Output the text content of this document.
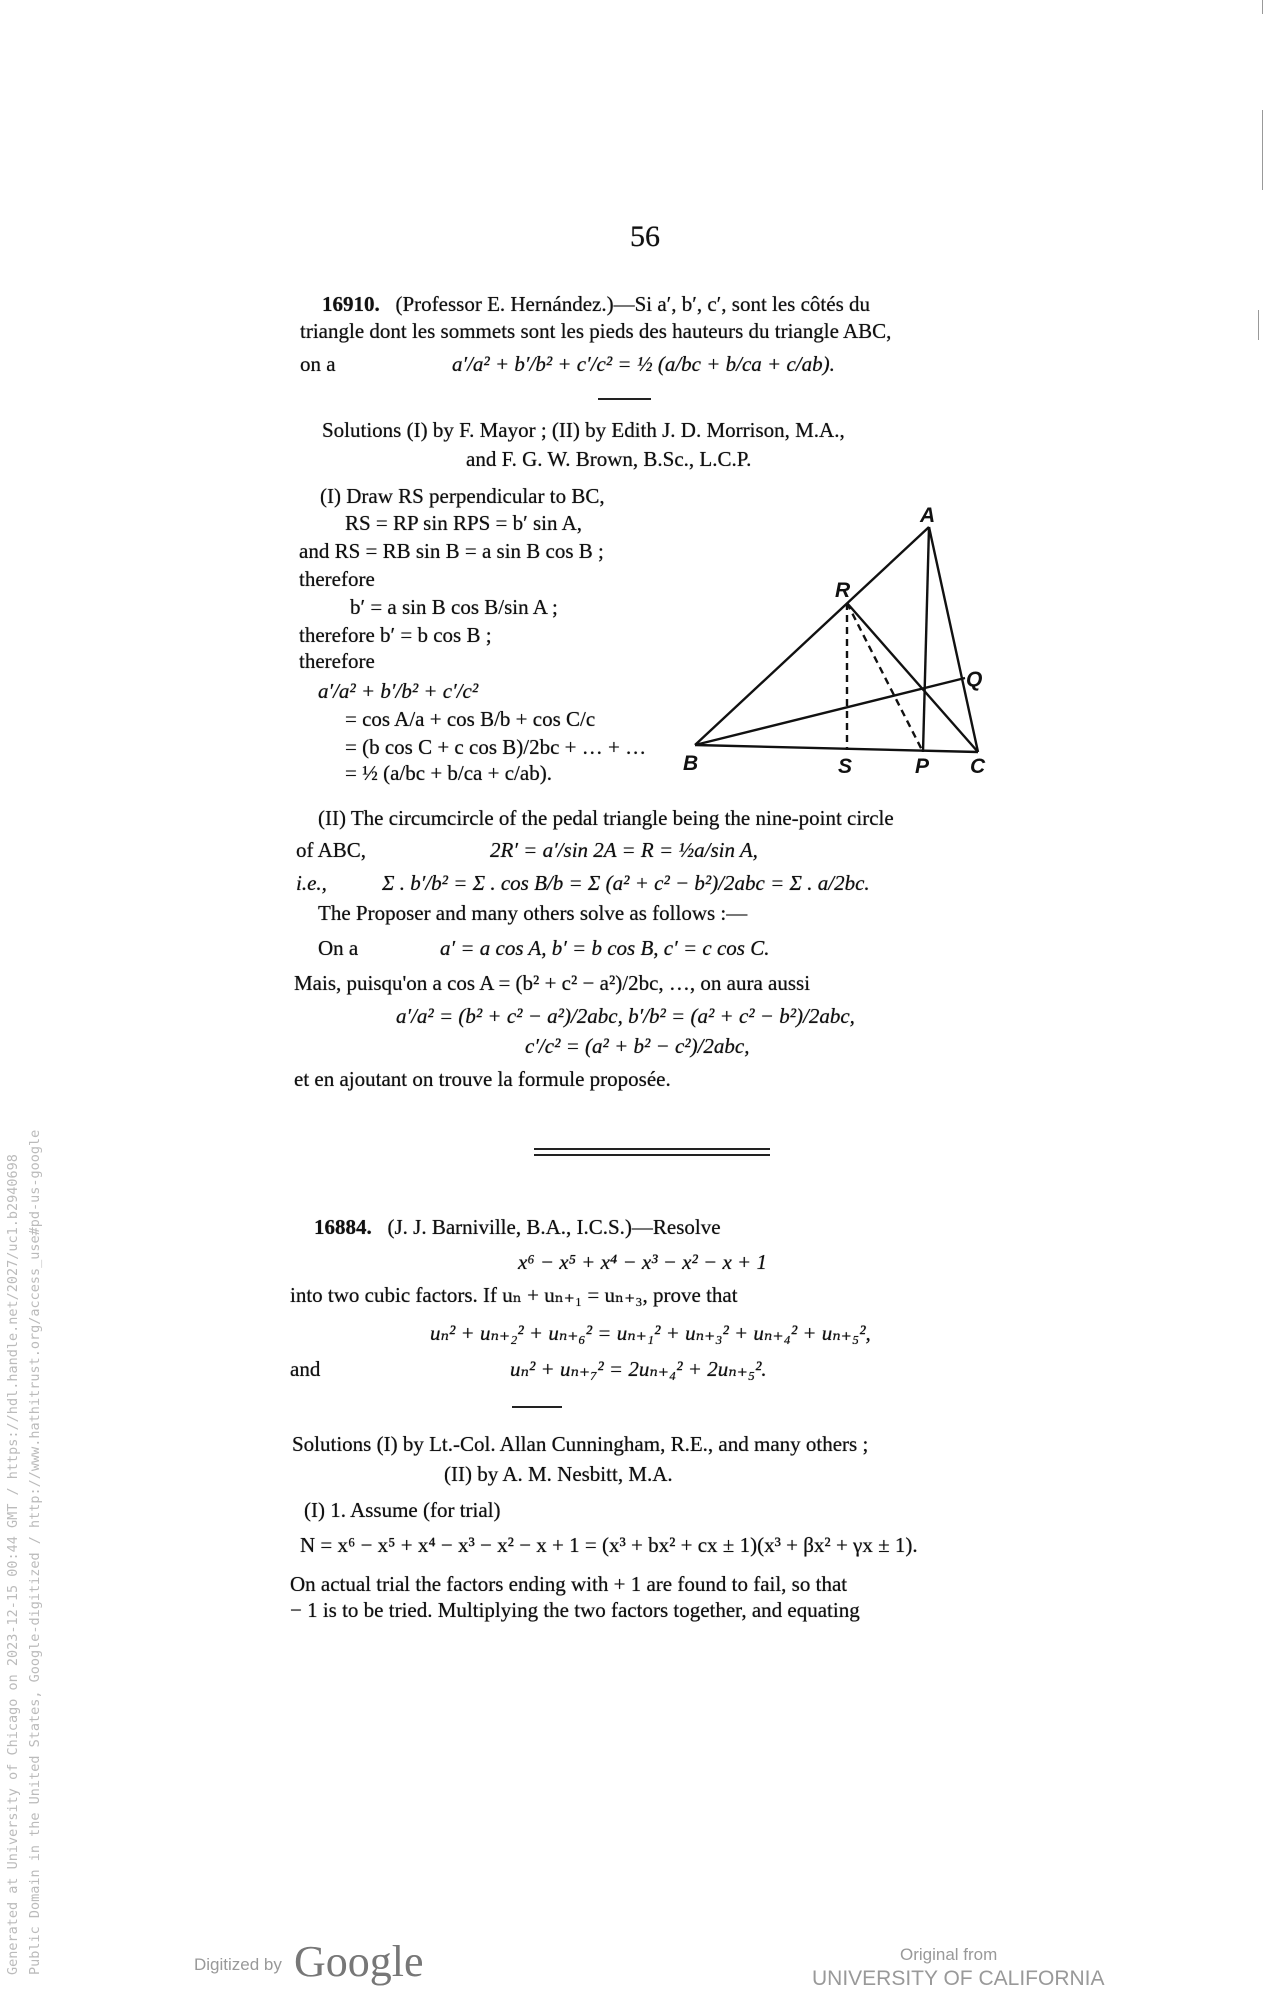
56
16910. (Professor E. Hernández.)—Si a′, b′, c′, sont les côtés du
triangle dont les sommets sont les pieds des hauteurs du triangle ABC,
on a	a′/a² + b′/b² + c′/c² = ½ (a/bc + b/ca + c/ab).
Solutions (I) by F. Mayor ; (II) by Edith J. D. Morrison, M.A.,
and F. G. W. Brown, B.Sc., L.C.P.
(I) Draw RS perpendicular to BC,
RS = RP sin RPS = b′ sin A,
and RS = RB sin B = a sin B cos B ;
therefore
b′ = a sin B cos B/sin A ;
therefore b′ = b cos B ;
therefore
a′/a² + b′/b² + c′/c²
= cos A/a + cos B/b + cos C/c
= (b cos C + c cos B)/2bc + … + …
= ½ (a/bc + b/ca + c/ab).
A
R
Q
B	S	P C
(II) The circumcircle of the pedal triangle being the nine-point circle
of ABC,	2R′ = a′/sin 2A = R = ½a/sin A,
i.e.,	Σ . b′/b² = Σ . cos B/b = Σ (a² + c² − b²)/2abc = Σ . a/2bc.
The Proposer and many others solve as follows :—
On a	a′ = a cos A, b′ = b cos B, c′ = c cos C.
Mais, puisqu'on a cos A = (b² + c² − a²)/2bc, …, on aura aussi
a′/a² = (b² + c² − a²)/2abc, b′/b² = (a² + c² − b²)/2abc,
c′/c² = (a² + b² − c²)/2abc,
et en ajoutant on trouve la formule proposée.
16884. (J. J. Barniville, B.A., I.C.S.)—Resolve
x⁶ − x⁵ + x⁴ − x³ − x² − x + 1
into two cubic factors. If uₙ + uₙ₊₁ = uₙ₊₃, prove that
uₙ² + uₙ₊₂² + uₙ₊₆² = uₙ₊₁² + uₙ₊₃² + uₙ₊₄² + uₙ₊₅²,
and	uₙ² + uₙ₊₇² = 2uₙ₊₄² + 2uₙ₊₅².
Solutions (I) by Lt.-Col. Allan Cunningham, R.E., and many others ;
(II) by A. M. Nesbitt, M.A.
(I) 1. Assume (for trial)
N = x⁶ − x⁵ + x⁴ − x³ − x² − x + 1 = (x³ + bx² + cx ± 1)(x³ + βx² + γx ± 1).
On actual trial the factors ending with + 1 are found to fail, so that
− 1 is to be tried. Multiplying the two factors together, and equating
Generated at University of Chicago on 2023-12-15 00:44 GMT / https://hdl.handle.net/2027/uc1.b2940698 Public Domain in the United States, Google-digitized / http://www.hathitrust.org/access_use#pd-us-google	Digitized by Google	Original from
UNIVERSITY OF CALIFORNIA
